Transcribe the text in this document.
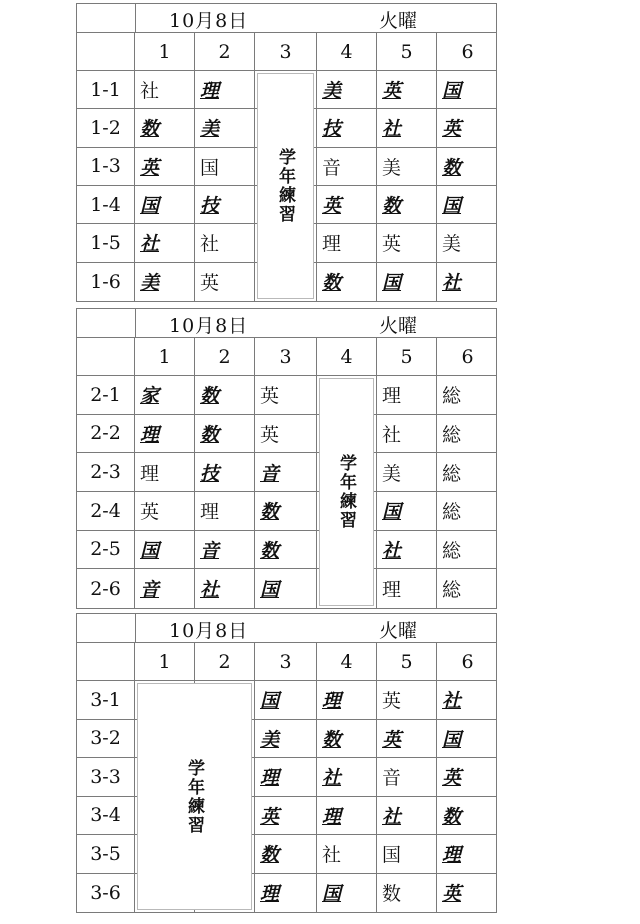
10月8日	火曜
1	2	3	4	5	6
1-1	社	理	美	英	国
1-2	数	美	技	社	英
1-3	英	国	音	美	数
1-4	国	技	英	数	国
1-5	社	社	理	英	美
1-6	美	英	数	国	社
学年練習
10月8日	火曜
1	2	3	4	5	6
2-1	家	数	英	理	総
2-2	理	数	英	社	総
2-3	理	技	音	美	総
2-4	英	理	数	国	総
2-5	国	音	数	社	総
2-6	音	社	国	理	総
学年練習
10月8日	火曜
1	2	3	4	5	6
3-1	国	理	英	社
3-2	美	数	英	国
3-3	理	社	音	英
3-4	英	理	社	数
3-5	数	社	国	理
3-6	理	国	数	英
学年練習
